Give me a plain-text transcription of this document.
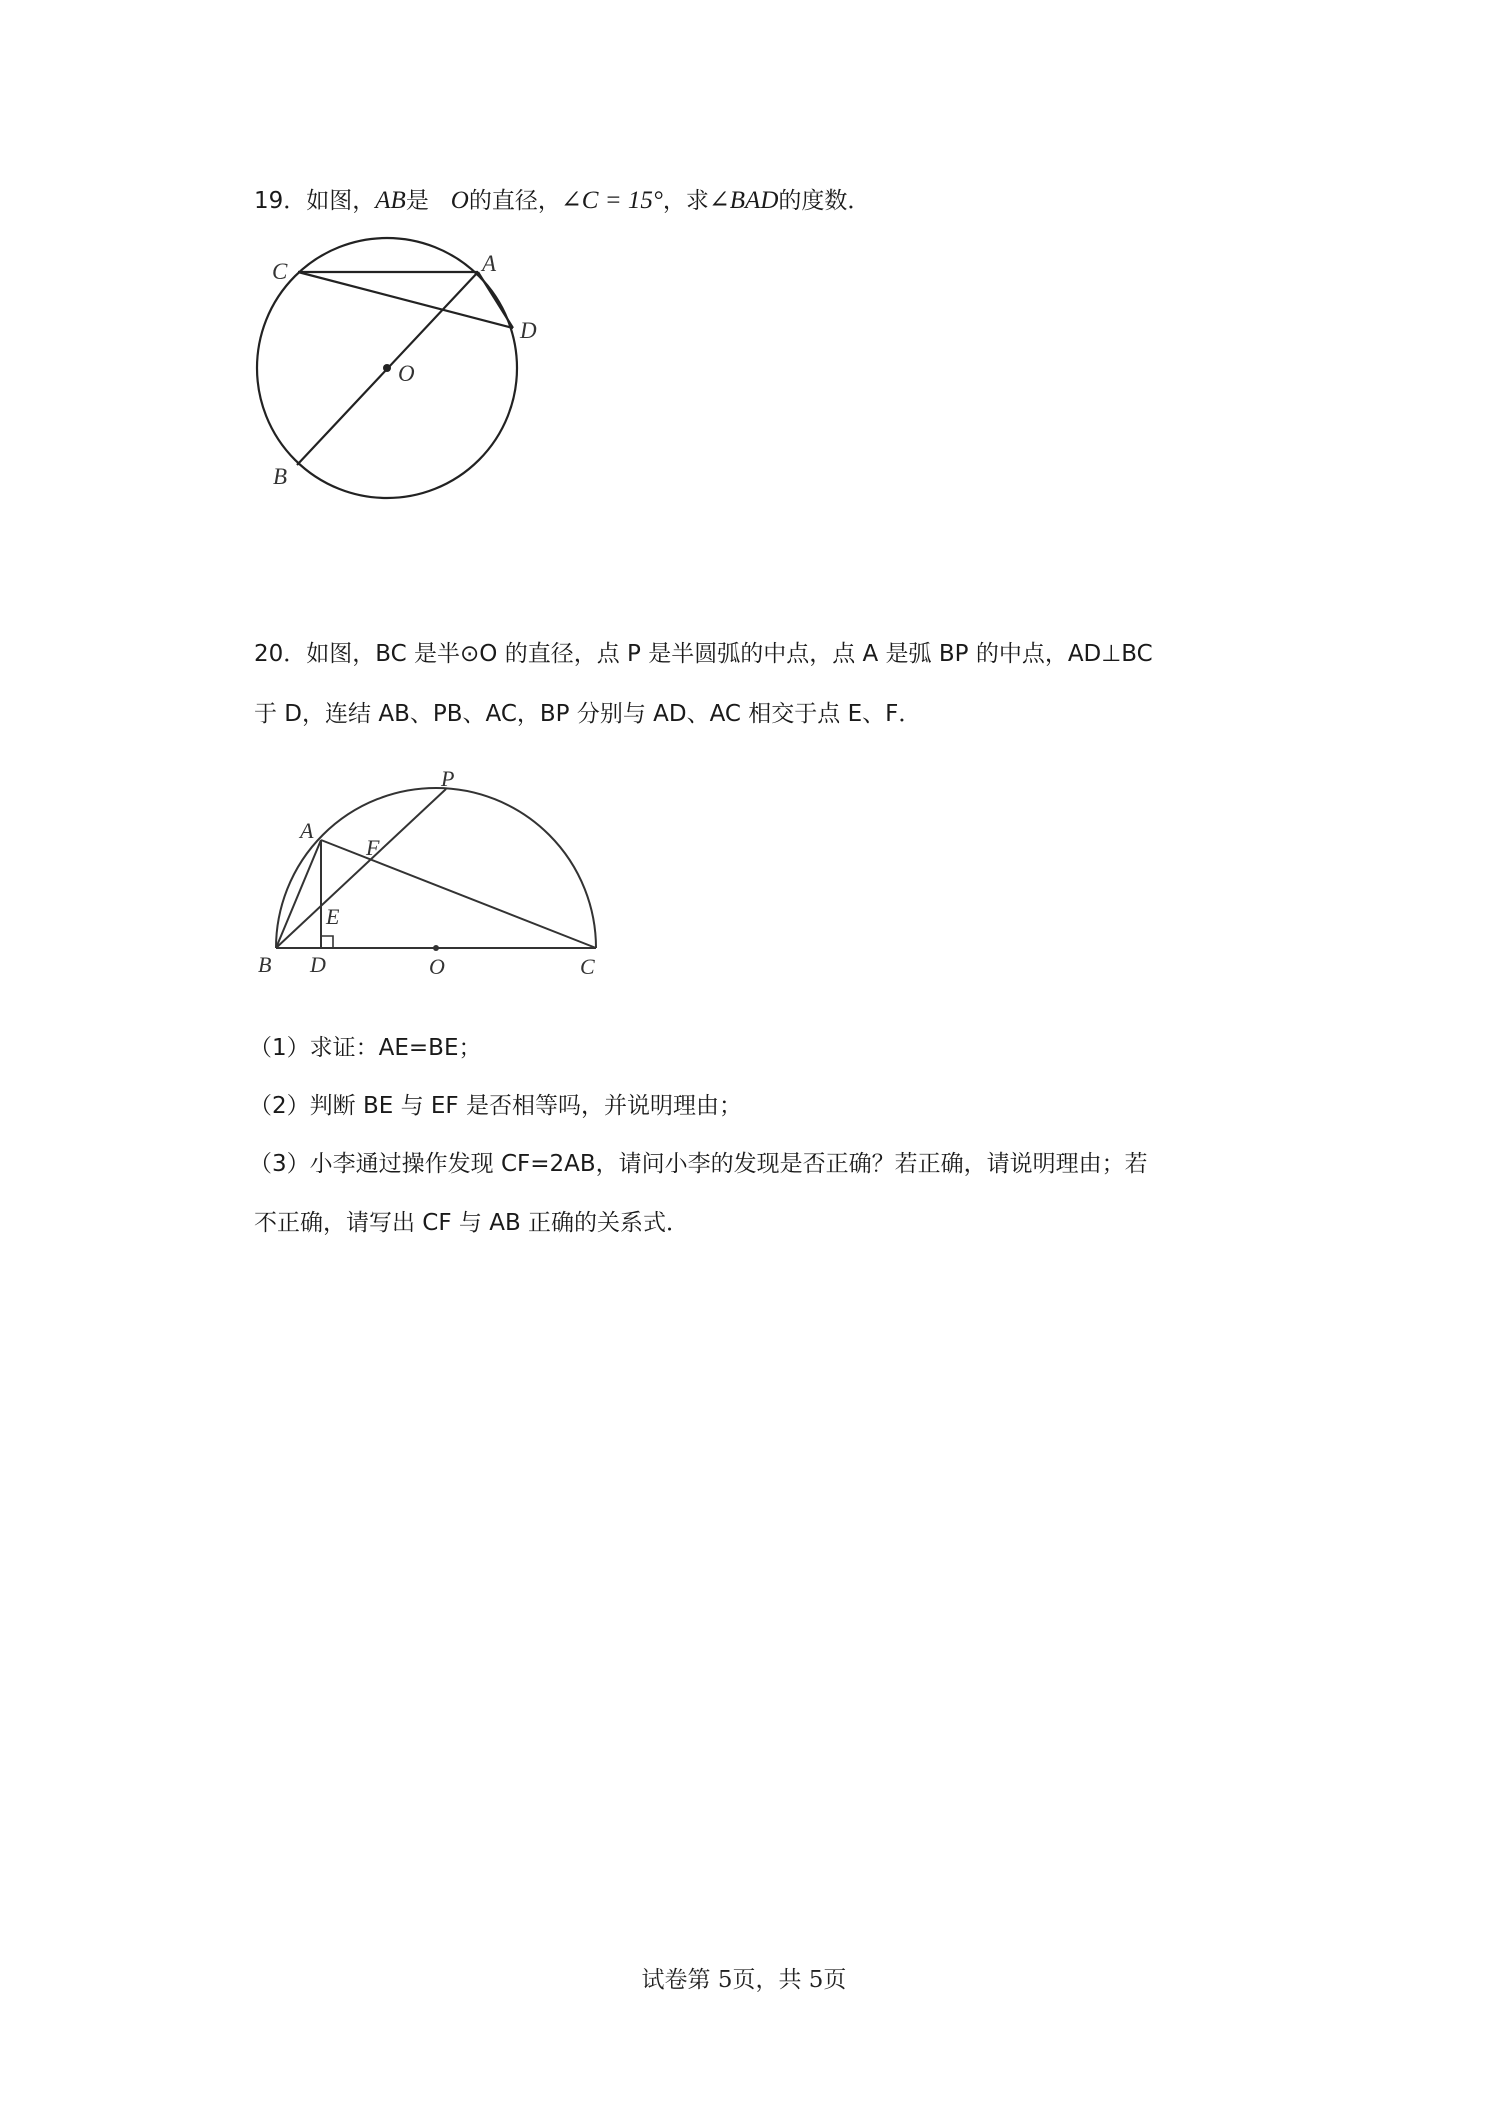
19．如图，AB是 O的直径，∠C = 15°，求∠BAD的度数．
C	A
D
O
B
P
A
F
E
B D	O	C
20．如图，BC 是半⊙O 的直径，点 P 是半圆弧的中点，点 A 是弧 BP 的中点，AD⊥BC
于 D，连结 AB、PB、AC，BP 分别与 AD、AC 相交于点 E、F．
（1）求证：AE=BE；
（2）判断 BE 与 EF 是否相等吗，并说明理由；
（3）小李通过操作发现 CF=2AB，请问小李的发现是否正确？若正确，请说明理由；若
不正确，请写出 CF 与 AB 正确的关系式．
试卷第 5页，共 5页
